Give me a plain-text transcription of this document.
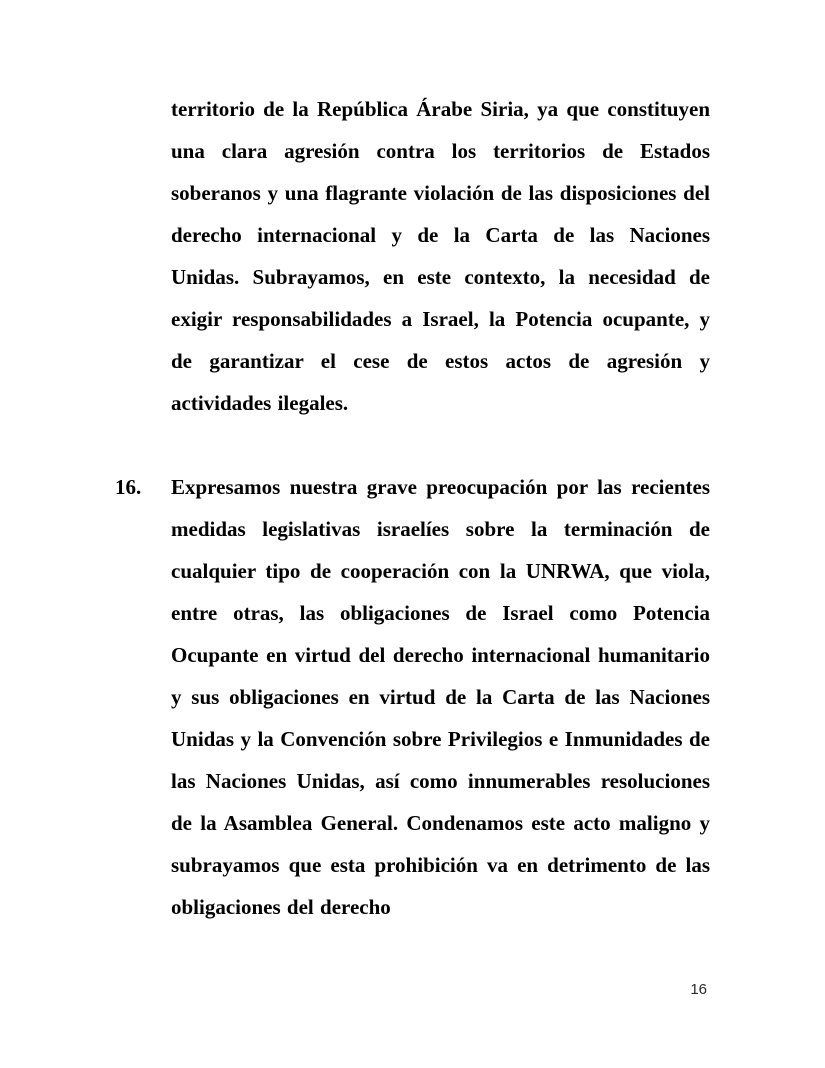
territorio de la República Árabe Siria, ya que constituyen una clara agresión contra los territorios de Estados soberanos y una flagrante violación de las disposiciones del derecho internacional y de la Carta de las Naciones Unidas. Subrayamos, en este contexto, la necesidad de exigir responsabilidades a Israel, la Potencia ocupante, y de garantizar el cese de estos actos de agresión y actividades ilegales.
16.	Expresamos nuestra grave preocupación por las recientes medidas legislativas israelíes sobre la terminación de cualquier tipo de cooperación con la UNRWA, que viola, entre otras, las obligaciones de Israel como Potencia Ocupante en virtud del derecho internacional humanitario y sus obligaciones en virtud de la Carta de las Naciones Unidas y la Convención sobre Privilegios e Inmunidades de las Naciones Unidas, así como innumerables resoluciones de la Asamblea General. Condenamos este acto maligno y subrayamos que esta prohibición va en detrimento de las obligaciones del derecho
16
